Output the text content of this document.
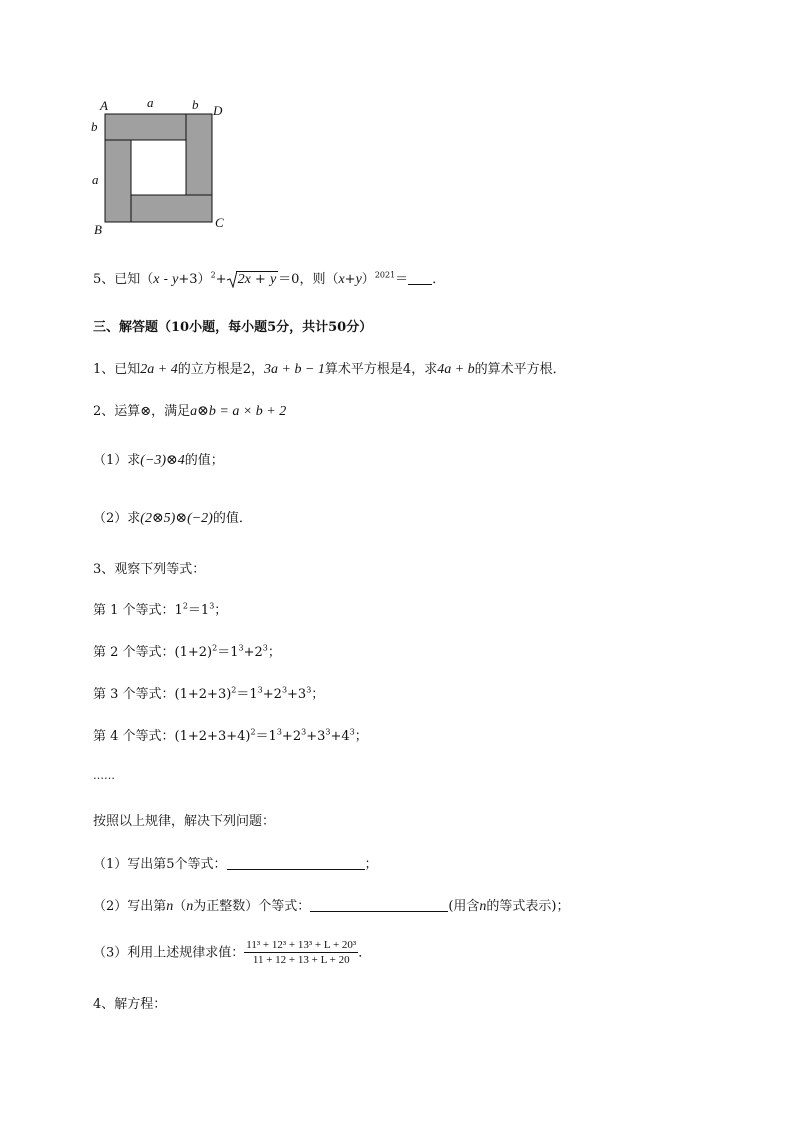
A	D
B	C
a	b
b
a
5、已知$(x - y+3)^2+ 2x + y =0$，则$(x+y)^{2021}=$ ．
三、解答题（10小题，每小题5分，共计50分）
1、已知2a + 4的立方根是2，3a + b − 1算术平方根是4，求4a + b的算术平方根．
2、运算⊗，满足a⊗b = a × b + 2
（1）求(−3)⊗4的值；
（2）求(2⊗5)⊗(−2)的值．
3、观察下列等式：
第 1 个等式：$1^2=1^3$；
第 2 个等式：$(1+2)^2=1^3+2^3$；
第 3 个等式：$(1+2+3)^2=1^3+2^3+3^3$；
第 4 个等式：$(1+2+3+4)^2=1^3+2^3+3^3+4^3$；
……
按照以上规律，解决下列问题：
（1）写出第5个等式：	；
（2）写出第n（n为正整数）个等式：	(用含n的等式表示)；
（3）利用上述规律求值： $\frac{\text{11³ + 12³ + 13³ + L + 20³}}{11 + 12 + 13 + L + 20}$ ．
4、解方程：
